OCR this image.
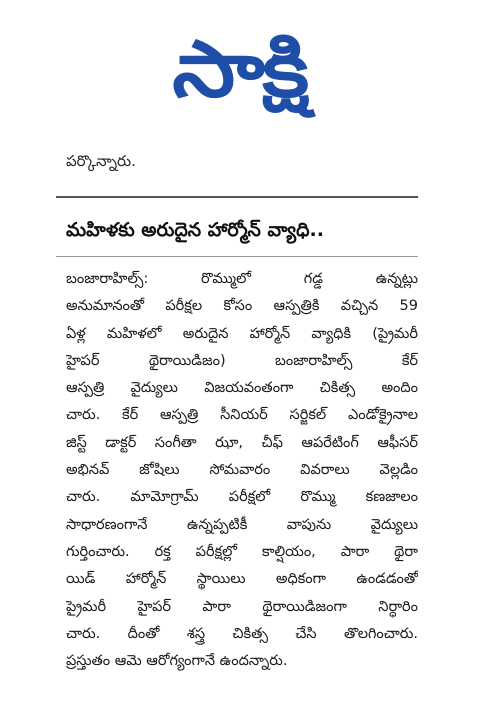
సాక్షి
పర్కొన్నారు.
మహిళకు అరుదైన హార్మోన్ వ్యాధి..
బంజారాహిల్స్: రొమ్ములో గడ్డ ఉన్నట్లు
అనుమానంతో పరీక్షల కోసం ఆస్పత్రికి వచ్చిన 59
ఏళ్ల మహిళలో అరుదైన హార్మోన్ వ్యాధికి (ప్రైమరీ
హైపర్ థైరాయిడిజం) బంజారాహిల్స్ కేర్
ఆస్పత్రి వైద్యులు విజయవంతంగా చికిత్స అందిం
చారు. కేర్ ఆస్పత్రి సీనియర్ సర్జికల్ ఎండోక్రైనాల
జిస్ట్ డాక్టర్ సంగీతా ఝా, చీఫ్ ఆపరేటింగ్ ఆఫీసర్
అభినవ్ జోషిలు సోమవారం వివరాలు వెల్లడిం
చారు. మామోగ్రామ్ పరీక్షలో రొమ్ము కణజాలం
సాధారణంగానే ఉన్నప్పటికీ వాపును వైద్యులు
గుర్తించారు. రక్త పరీక్షల్లో కాల్షియం, పారా థైరా
యిడ్ హార్మోన్ స్థాయిలు అధికంగా ఉండడంతో
ప్రైమరీ హైపర్ పారా థైరాయిడిజంగా నిర్ధారిం
చారు. దీంతో శస్త్ర చికిత్స చేసి తొలగించారు.
ప్రస్తుతం ఆమె ఆరోగ్యంగానే ఉందన్నారు.
